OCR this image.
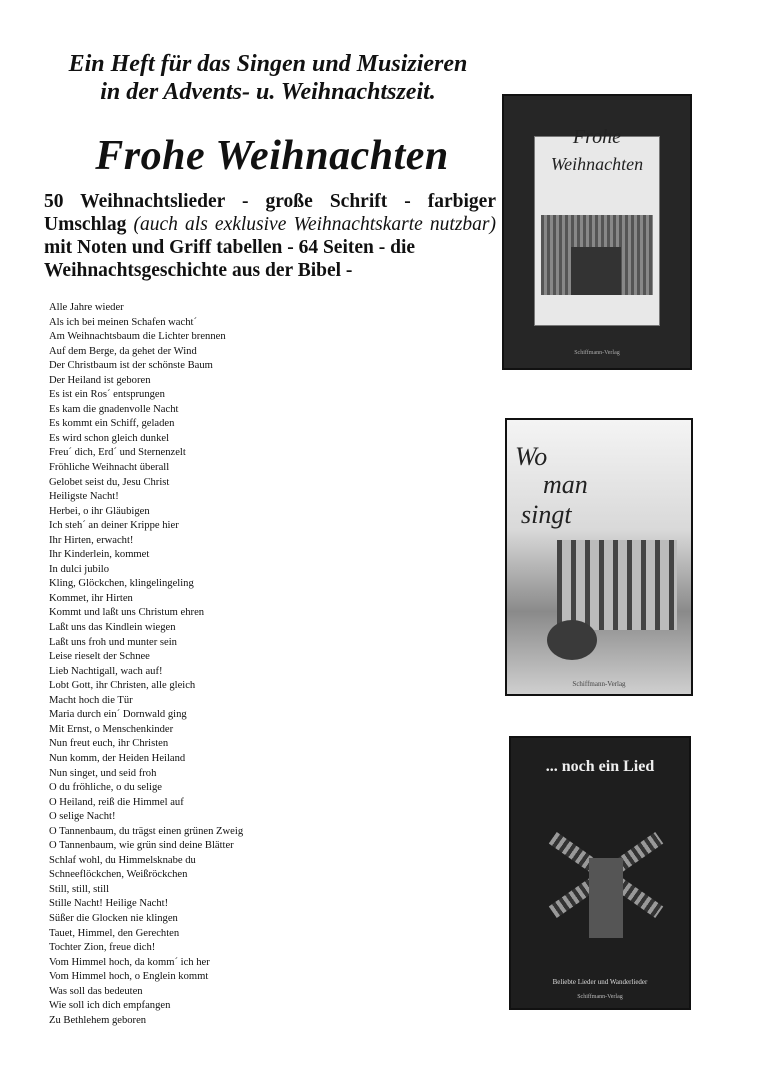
Ein Heft für das Singen und Musizieren
in der Advents- u. Weihnachtszeit.
Frohe Weihnachten
50 Weihnachtslieder - große Schrift - farbiger Umschlag (auch als exklusive Weihnachtskarte nutzbar) mit Noten und Griff tabellen - 64 Seiten - die
Weihnachtsgeschichte aus der Bibel -
Alle Jahre wieder
Als ich bei meinen Schafen wacht´
Am Weihnachtsbaum die Lichter brennen
Auf dem Berge, da gehet der Wind
Der Christbaum ist der schönste Baum
Der Heiland ist geboren
Es ist ein Ros´ entsprungen
Es kam die gnadenvolle Nacht
Es kommt ein Schiff, geladen
Es wird schon gleich dunkel
Freu´ dich, Erd´ und Sternenzelt
Fröhliche Weihnacht überall
Gelobet seist du, Jesu Christ
Heiligste Nacht!
Herbei, o ihr Gläubigen
Ich steh´ an deiner Krippe hier
Ihr Hirten, erwacht!
Ihr Kinderlein, kommet
In dulci jubilo
Kling, Glöckchen, klingelingeling
Kommet, ihr Hirten
Kommt und laßt uns Christum ehren
Laßt uns das Kindlein wiegen
Laßt uns froh und munter sein
Leise rieselt der Schnee
Lieb Nachtigall, wach auf!
Lobt Gott, ihr Christen, alle gleich
Macht hoch die Tür
Maria durch ein´ Dornwald ging
Mit Ernst, o Menschenkinder
Nun freut euch, ihr Christen
Nun komm, der Heiden Heiland
Nun singet, und seid froh
O du fröhliche, o du selige
O Heiland, reiß die Himmel auf
O selige Nacht!
O Tannenbaum, du trägst einen grünen Zweig
O Tannenbaum, wie grün sind deine Blätter
Schlaf wohl, du Himmelsknabe du
Schneeflöckchen, Weißröckchen
Still, still, still
Stille Nacht! Heilige Nacht!
Süßer die Glocken nie klingen
Tauet, Himmel, den Gerechten
Tochter Zion, freue dich!
Vom Himmel hoch, da komm´ ich her
Vom Himmel hoch, o Englein kommt
Was soll das bedeuten
Wie soll ich dich empfangen
Zu Bethlehem geboren
Frohe
Weihnachten
Schiffmann-Verlag
Wo
man
singt
Schiffmann-Verlag
... noch ein Lied
Beliebte Lieder und Wanderlieder
Schiffmann-Verlag
